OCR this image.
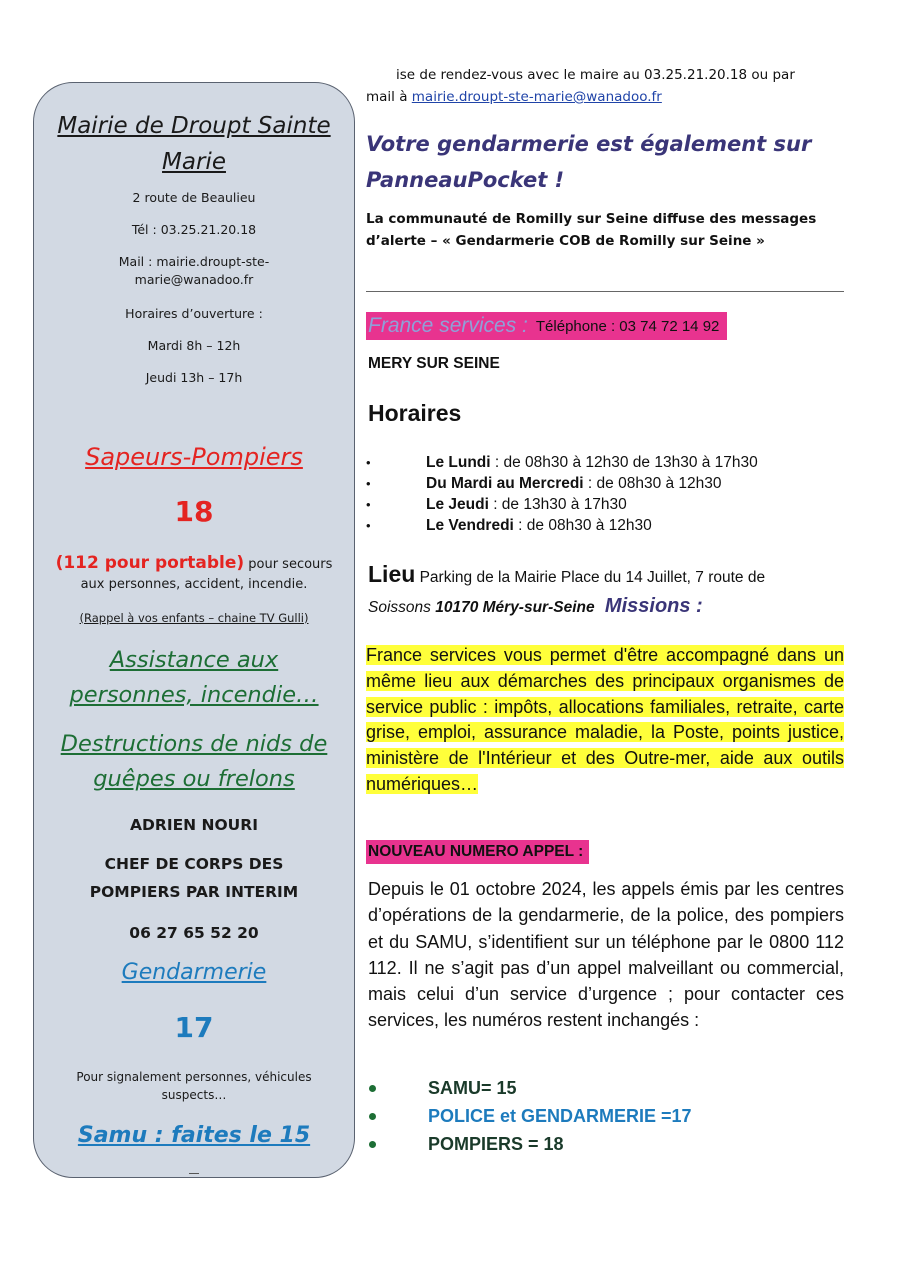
Mairie de Droupt Sainte
Marie
2 route de Beaulieu
Tél : 03.25.21.20.18
Mail : mairie.droupt-ste-
marie@wanadoo.fr
Horaires d’ouverture :
Mardi 8h – 12h
Jeudi 13h – 17h
Sapeurs-Pompiers
18
(112 pour portable) pour secours
aux personnes, accident, incendie.
(Rappel à vos enfants – chaine TV Gulli)
Assistance aux
personnes, incendie…
Destructions de nids de
guêpes ou frelons
ADRIEN NOURI
CHEF DE CORPS DES
POMPIERS PAR INTERIM
06 27 65 52 20
Gendarmerie
17
Pour signalement personnes, véhicules
suspects…
Samu : faites le 15
ise de rendez-vous avec le maire au 03.25.21.20.18 ou par
mail à mairie.droupt-ste-marie@wanadoo.fr
Votre gendarmerie est également sur
PanneauPocket !
La communauté de Romilly sur Seine diffuse des messages
d’alerte – « Gendarmerie COB de Romilly sur Seine »
France services : Téléphone : 03 74 72 14 92
MERY SUR SEINE
Horaires
• Le Lundi : de 08h30 à 12h30 de 13h30 à 17h30
• Du Mardi au Mercredi : de 08h30 à 12h30
• Le Jeudi : de 13h30 à 17h30
• Le Vendredi : de 08h30 à 12h30
Lieu Parking de la Mairie Place du 14 Juillet, 7 route de
Soissons 10170 Méry-sur-Seine Missions :

France services vous permet d'être accompagné dans un même lieu aux démarches des principaux organismes de service public : impôts, allocations familiales, retraite, carte grise, emploi, assurance maladie, la Poste, points justice, ministère de l'Intérieur et des Outre-mer, aide aux outils numériques…

NOUVEAU NUMERO APPEL :

Depuis le 01 octobre 2024, les appels émis par les centres d’opérations de la gendarmerie, de la police, des pompiers et du SAMU, s’identifient sur un téléphone par le 0800 112 112. Il ne s’agit pas d’un appel malveillant ou commercial, mais celui d’un service d’urgence ; pour contacter ces services, les numéros restent inchangés :

SAMU= 15
POLICE et GENDARMERIE =17
POMPIERS = 18
